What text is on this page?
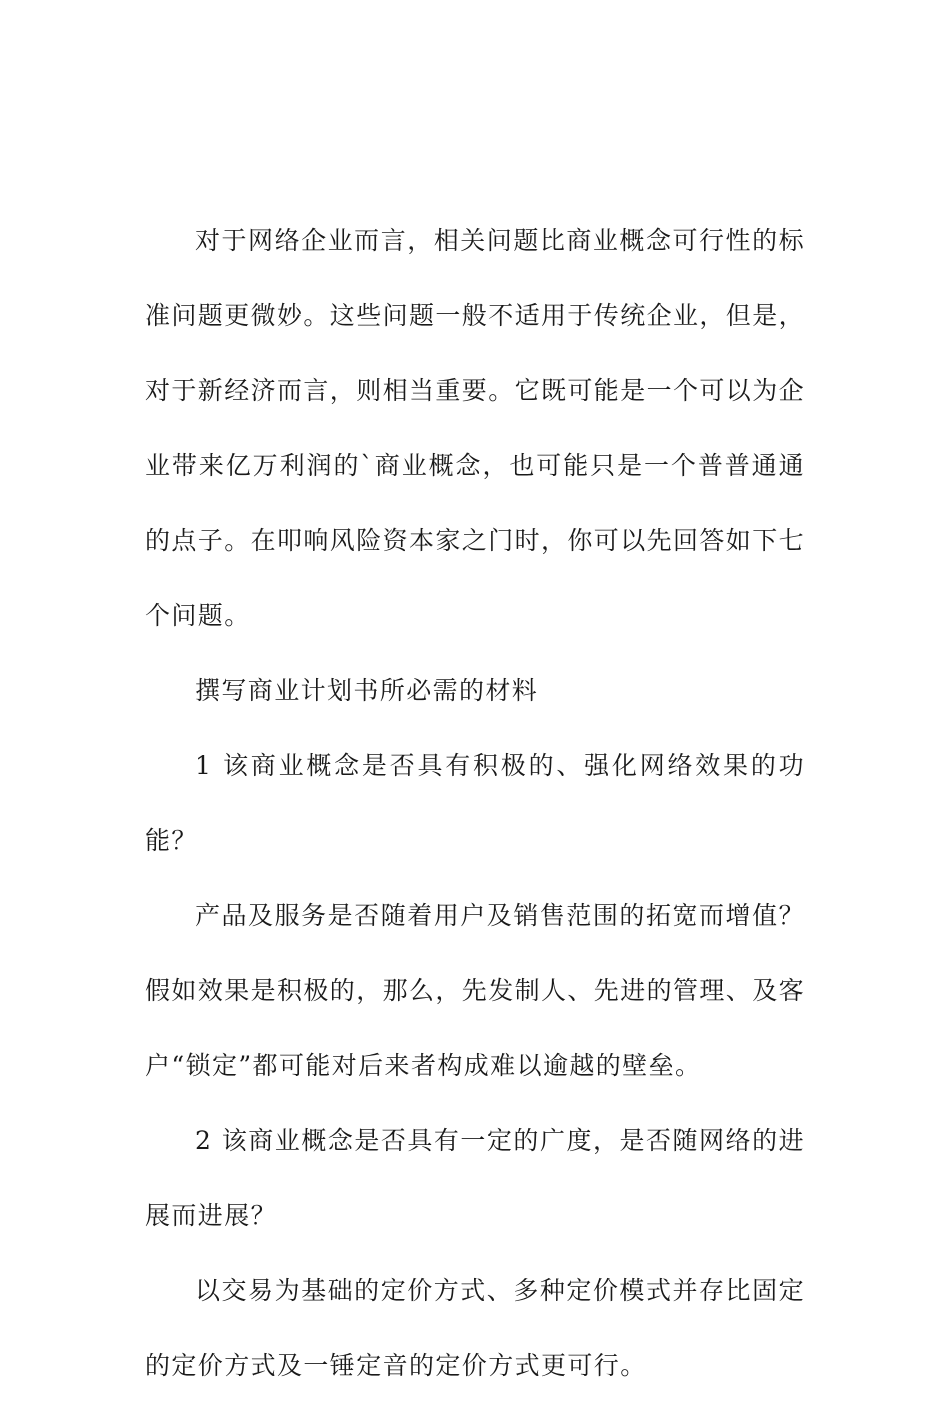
对于网络企业而言，相关问题比商业概念可行性的标准问题更微妙。这些问题一般不适用于传统企业，但是，对于新经济而言，则相当重要。它既可能是一个可以为企业带来亿万利润的`商业概念，也可能只是一个普普通通的点子。在叩响风险资本家之门时，你可以先回答如下七个问题。

撰写商业计划书所必需的材料

1 该商业概念是否具有积极的、强化网络效果的功能？

产品及服务是否随着用户及销售范围的拓宽而增值？假如效果是积极的，那么，先发制人、先进的管理、及客户“锁定”都可能对后来者构成难以逾越的壁垒。

2 该商业概念是否具有一定的广度，是否随网络的进展而进展？

以交易为基础的定价方式、多种定价模式并存比固定的定价方式及一锤定音的定价方式更可行。
